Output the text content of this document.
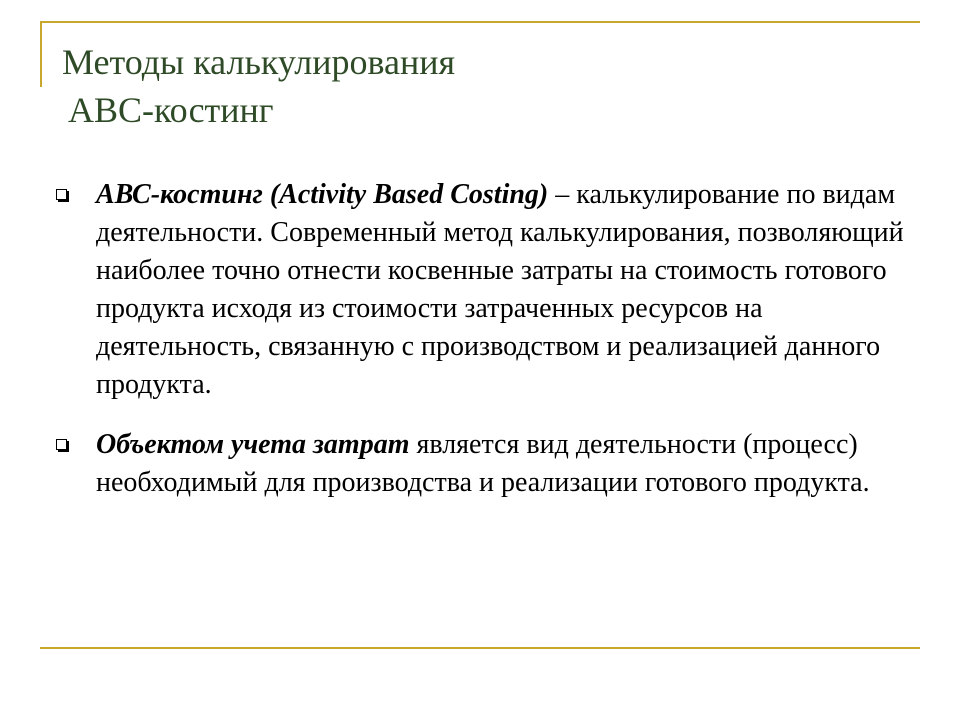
Методы калькулирования
АВС-костинг
АВС-костинг (Activity Based Costing) – калькулирование по видам деятельности. Современный метод калькулирования, позволяющий наиболее точно отнести косвенные затраты на стоимость готового продукта исходя из стоимости затраченных ресурсов на деятельность, связанную с производством и реализацией данного продукта.
Объектом учета затрат является вид деятельности (процесс) необходимый для производства и реализации готового продукта.
